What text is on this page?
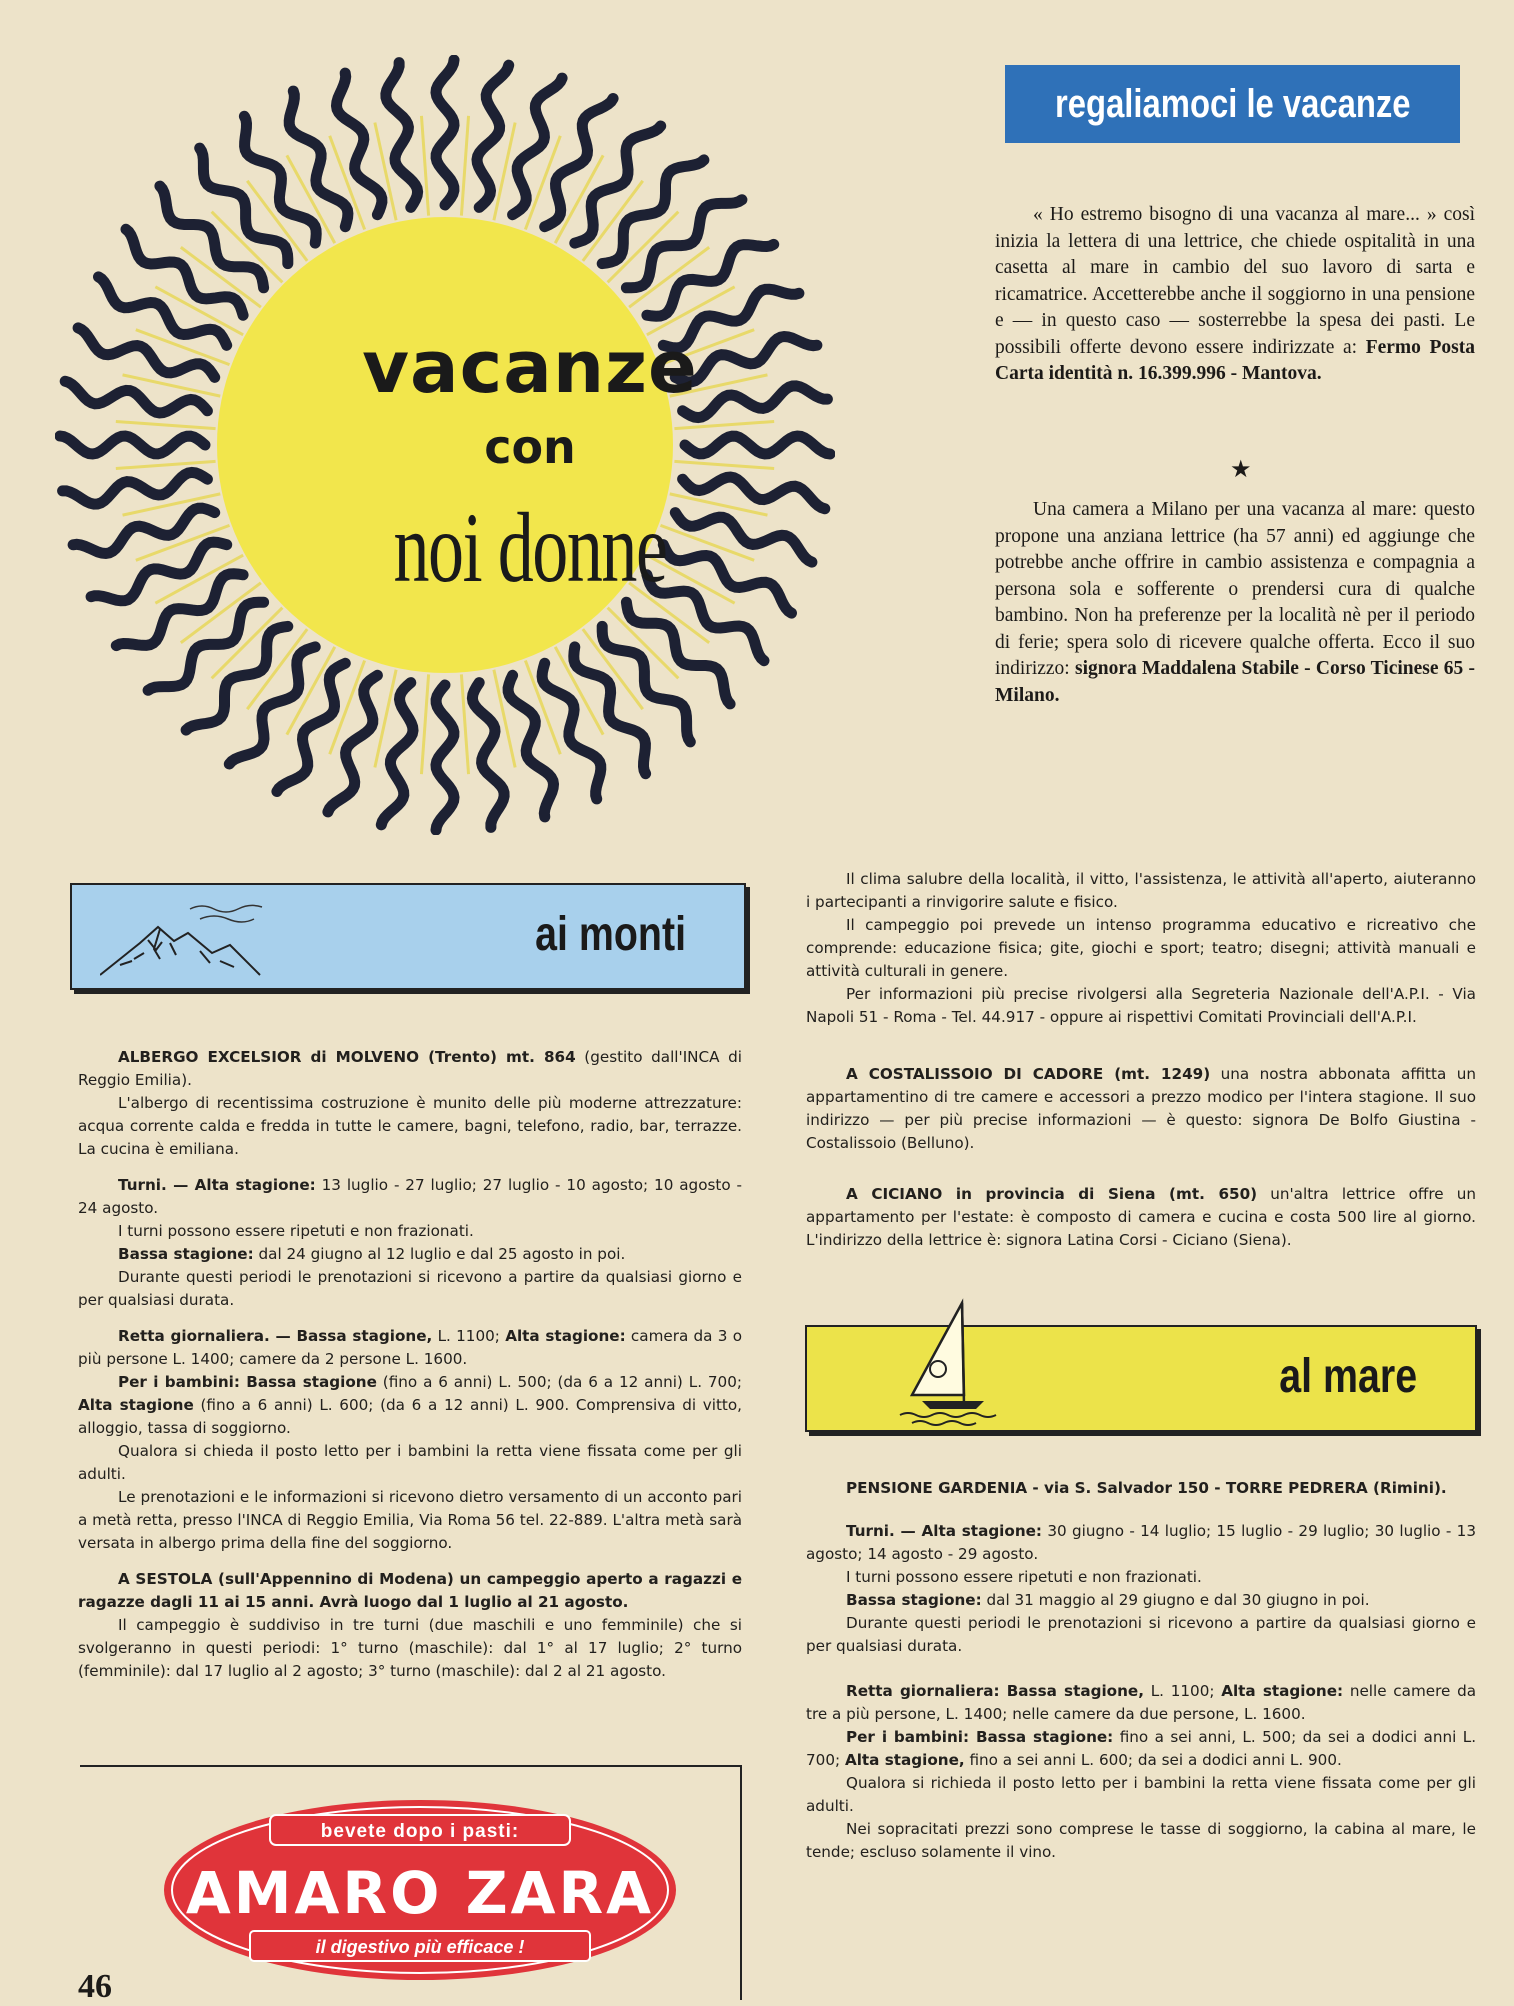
vacanze
con
noi donne
regaliamoci le vacanze

« Ho estremo bisogno di una vacanza al mare... » così inizia la lettera di una lettrice, che chiede ospitalità in una casetta al mare in cambio del suo lavoro di sarta e ricamatrice. Accetterebbe anche il soggiorno in una pensione e — in questo caso — sosterrebbe la spesa dei pasti. Le possibili offerte devono essere indirizzate a: Fermo Posta Carta identità n. 16.399.996 - Mantova.

★

Una camera a Milano per una vacanza al mare: questo propone una anziana lettrice (ha 57 anni) ed aggiunge che potrebbe anche offrire in cambio assistenza e compagnia a persona sola e sofferente o prendersi cura di qualche bambino. Non ha preferenze per la località nè per il periodo di ferie; spera solo di ricevere qualche offerta. Ecco il suo indirizzo: signora Maddalena Stabile - Corso Ticinese 65 - Milano.

ai monti

ALBERGO EXCELSIOR di MOLVENO (Trento) mt. 864 (gestito dall'INCA di Reggio Emilia).

L'albergo di recentissima costruzione è munito delle più moderne attrezzature: acqua corrente calda e fredda in tutte le camere, bagni, telefono, radio, bar, terrazze. La cucina è emiliana.

Turni. — Alta stagione: 13 luglio - 27 luglio; 27 luglio - 10 agosto; 10 agosto - 24 agosto.

I turni possono essere ripetuti e non frazionati.

Bassa stagione: dal 24 giugno al 12 luglio e dal 25 agosto in poi.

Durante questi periodi le prenotazioni si ricevono a partire da qualsiasi giorno e per qualsiasi durata.

Retta giornaliera. — Bassa stagione, L. 1100; Alta stagione: camera da 3 o più persone L. 1400; camere da 2 persone L. 1600.

Per i bambini: Bassa stagione (fino a 6 anni) L. 500; (da 6 a 12 anni) L. 700; Alta stagione (fino a 6 anni) L. 600; (da 6 a 12 anni) L. 900. Comprensiva di vitto, alloggio, tassa di soggiorno.

Qualora si chieda il posto letto per i bambini la retta viene fissata come per gli adulti.

Le prenotazioni e le informazioni si ricevono dietro versamento di un acconto pari a metà retta, presso l'INCA di Reggio Emilia, Via Roma 56 tel. 22-889. L'altra metà sarà versata in albergo prima della fine del soggiorno.

A SESTOLA (sull'Appennino di Modena) un campeggio aperto a ragazzi e ragazze dagli 11 ai 15 anni. Avrà luogo dal 1 luglio al 21 agosto.

Il campeggio è suddiviso in tre turni (due maschili e uno femminile) che si svolgeranno in questi periodi: 1° turno (maschile): dal 1° al 17 luglio; 2° turno (femminile): dal 17 luglio al 2 agosto; 3° turno (maschile): dal 2 al 21 agosto.

Il clima salubre della località, il vitto, l'assistenza, le attività all'aperto, aiuteranno i partecipanti a rinvigorire salute e fisico.

Il campeggio poi prevede un intenso programma educativo e ricreativo che comprende: educazione fisica; gite, giochi e sport; teatro; disegni; attività manuali e attività culturali in genere.

Per informazioni più precise rivolgersi alla Segreteria Nazionale dell'A.P.I. - Via Napoli 51 - Roma - Tel. 44.917 - oppure ai rispettivi Comitati Provinciali dell'A.P.I.

A COSTALISSOIO DI CADORE (mt. 1249) una nostra abbonata affitta un appartamentino di tre camere e accessori a prezzo modico per l'intera stagione. Il suo indirizzo — per più precise informazioni — è questo: signora De Bolfo Giustina - Costalissoio (Belluno).

A CICIANO in provincia di Siena (mt. 650) un'altra lettrice offre un appartamento per l'estate: è composto di camera e cucina e costa 500 lire al giorno. L'indirizzo della lettrice è: signora Latina Corsi - Ciciano (Siena).

al mare

PENSIONE GARDENIA - via S. Salvador 150 - TORRE PEDRERA (Rimini).

Turni. — Alta stagione: 30 giugno - 14 luglio; 15 luglio - 29 luglio; 30 luglio - 13 agosto; 14 agosto - 29 agosto.

I turni possono essere ripetuti e non frazionati.

Bassa stagione: dal 31 maggio al 29 giugno e dal 30 giugno in poi.

Durante questi periodi le prenotazioni si ricevono a partire da qualsiasi giorno e per qualsiasi durata.

Retta giornaliera: Bassa stagione, L. 1100; Alta stagione: nelle camere da tre a più persone, L. 1400; nelle camere da due persone, L. 1600.

Per i bambini: Bassa stagione: fino a sei anni, L. 500; da sei a dodici anni L. 700; Alta stagione, fino a sei anni L. 600; da sei a dodici anni L. 900.

Qualora si richieda il posto letto per i bambini la retta viene fissata come per gli adulti.

Nei sopracitati prezzi sono comprese le tasse di soggiorno, la cabina al mare, le tende; escluso solamente il vino.

bevete dopo i pasti:
AMARO ZARA
il digestivo più efficace !
46
